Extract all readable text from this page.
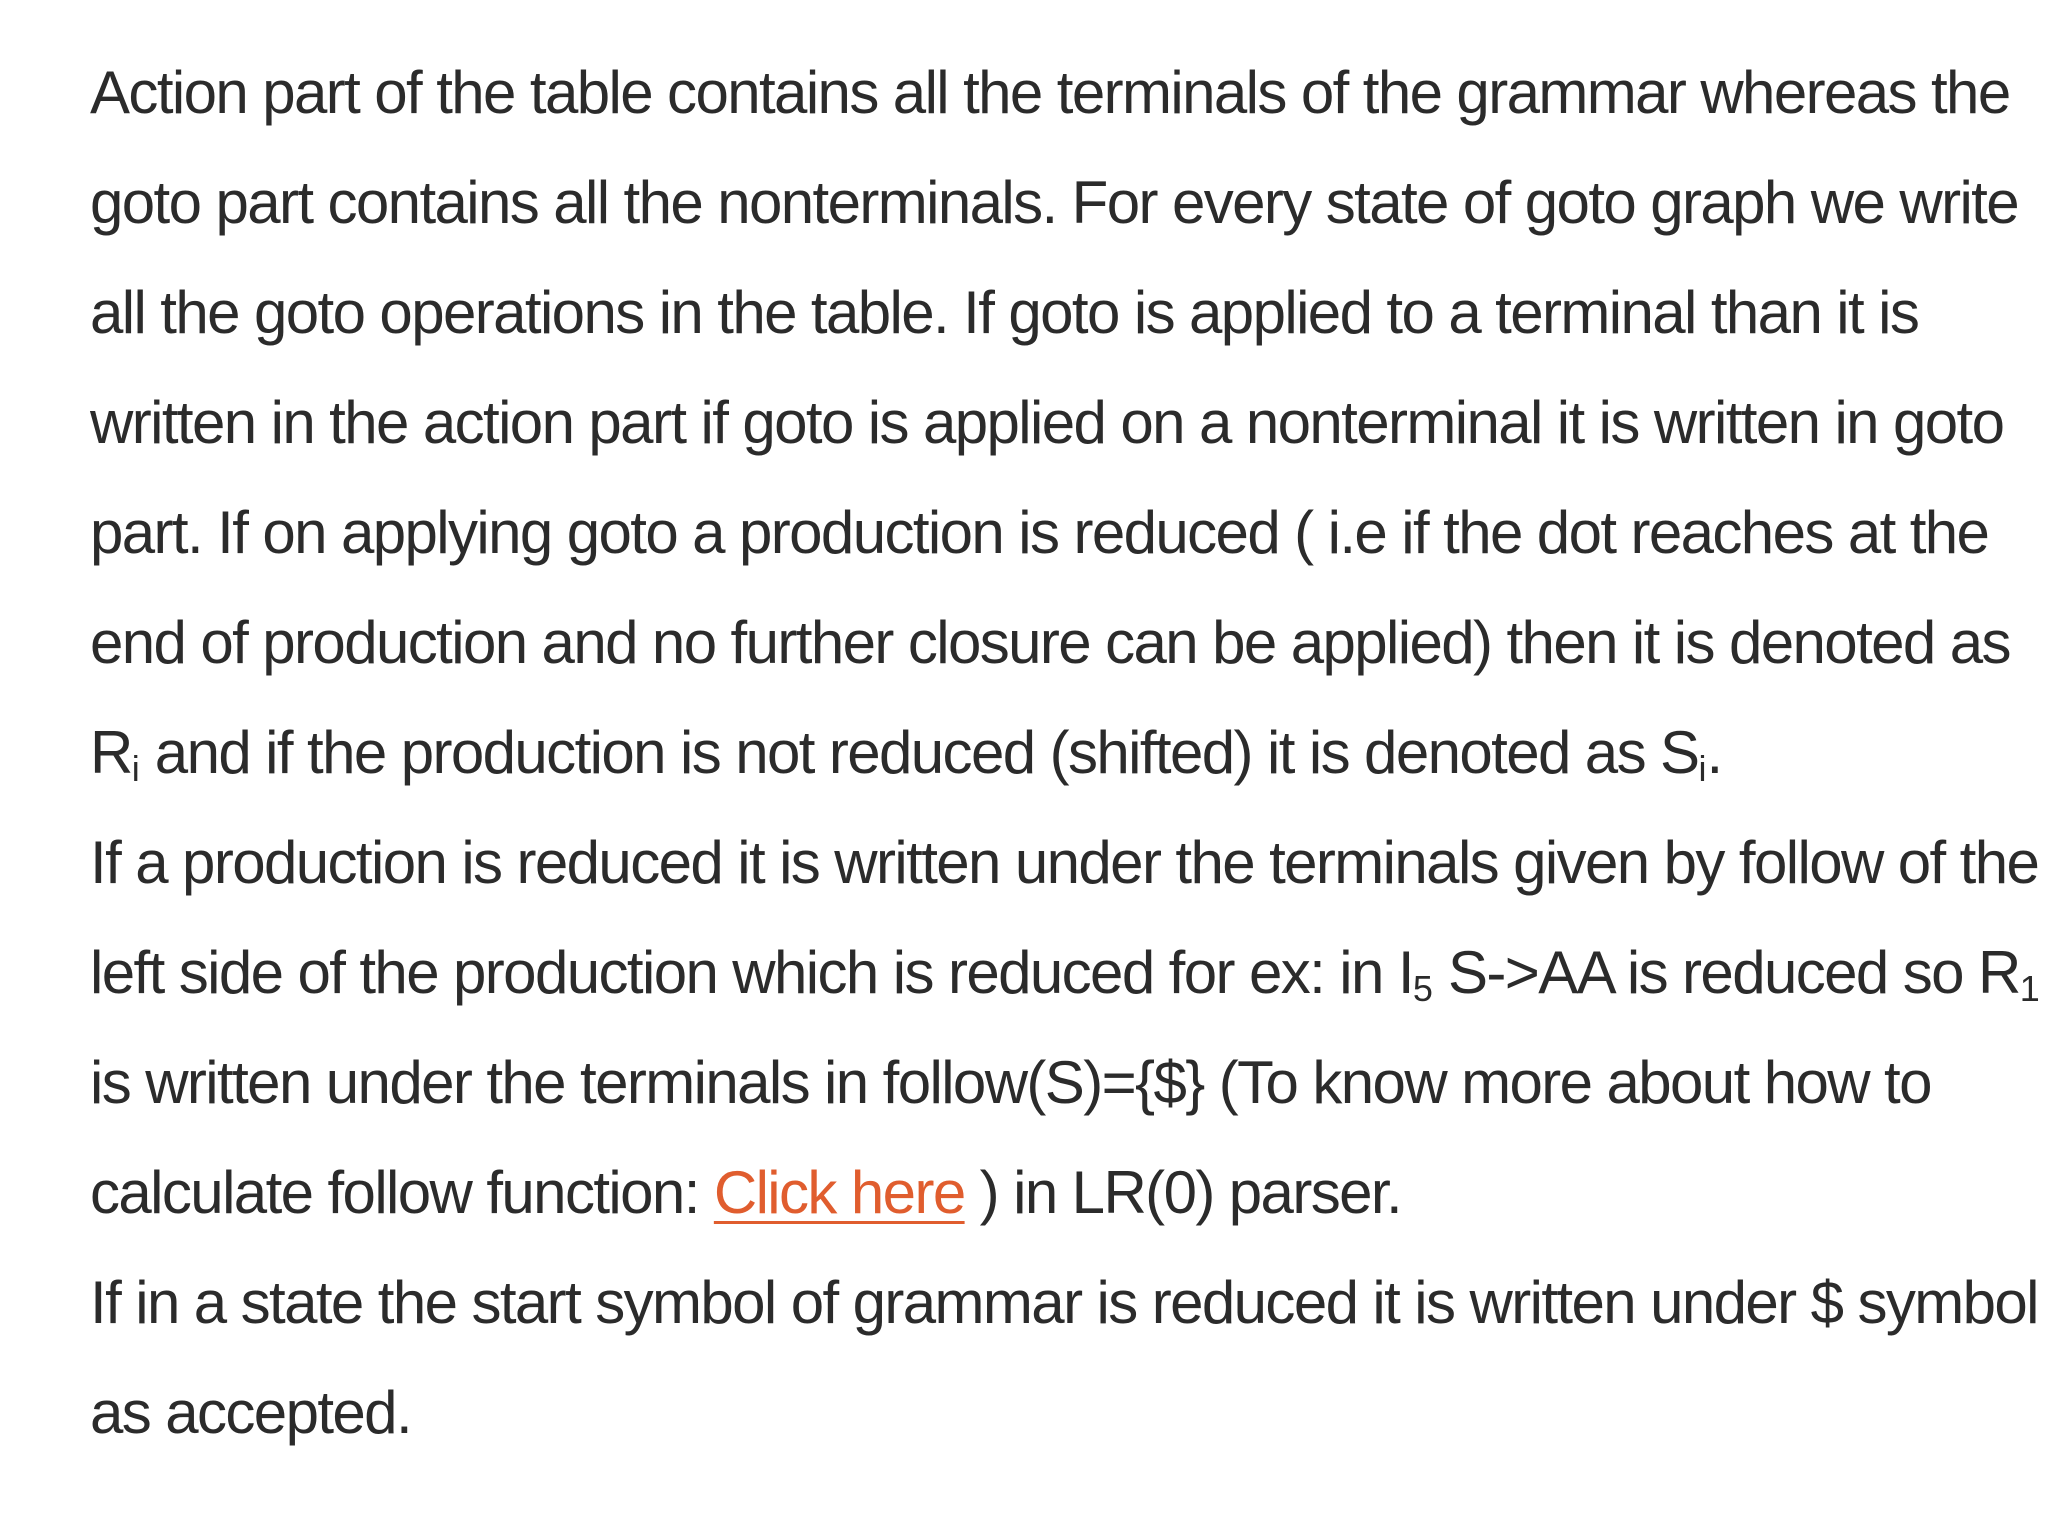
Action part of the table contains all the terminals of the grammar whereas the goto part contains all the nonterminals. For every state of goto graph we write all the goto operations in the table. If goto is applied to a terminal than it is written in the action part if goto is applied on a nonterminal it is written in goto part. If on applying goto a production is reduced ( i.e if the dot reaches at the end of production and no further closure can be applied) then it is denoted as $R_i$ and if the production is not reduced (shifted) it is denoted as $S_i$.
If a production is reduced it is written under the terminals given by follow of the left side of the production which is reduced for ex: in $I_5$ S->AA is reduced so $R_1$ is written under the terminals in follow(S)={$} (To know more about how to calculate follow function: Click here ) in LR(0) parser.

If in a state the start symbol of grammar is reduced it is written under $ symbol as accepted.
